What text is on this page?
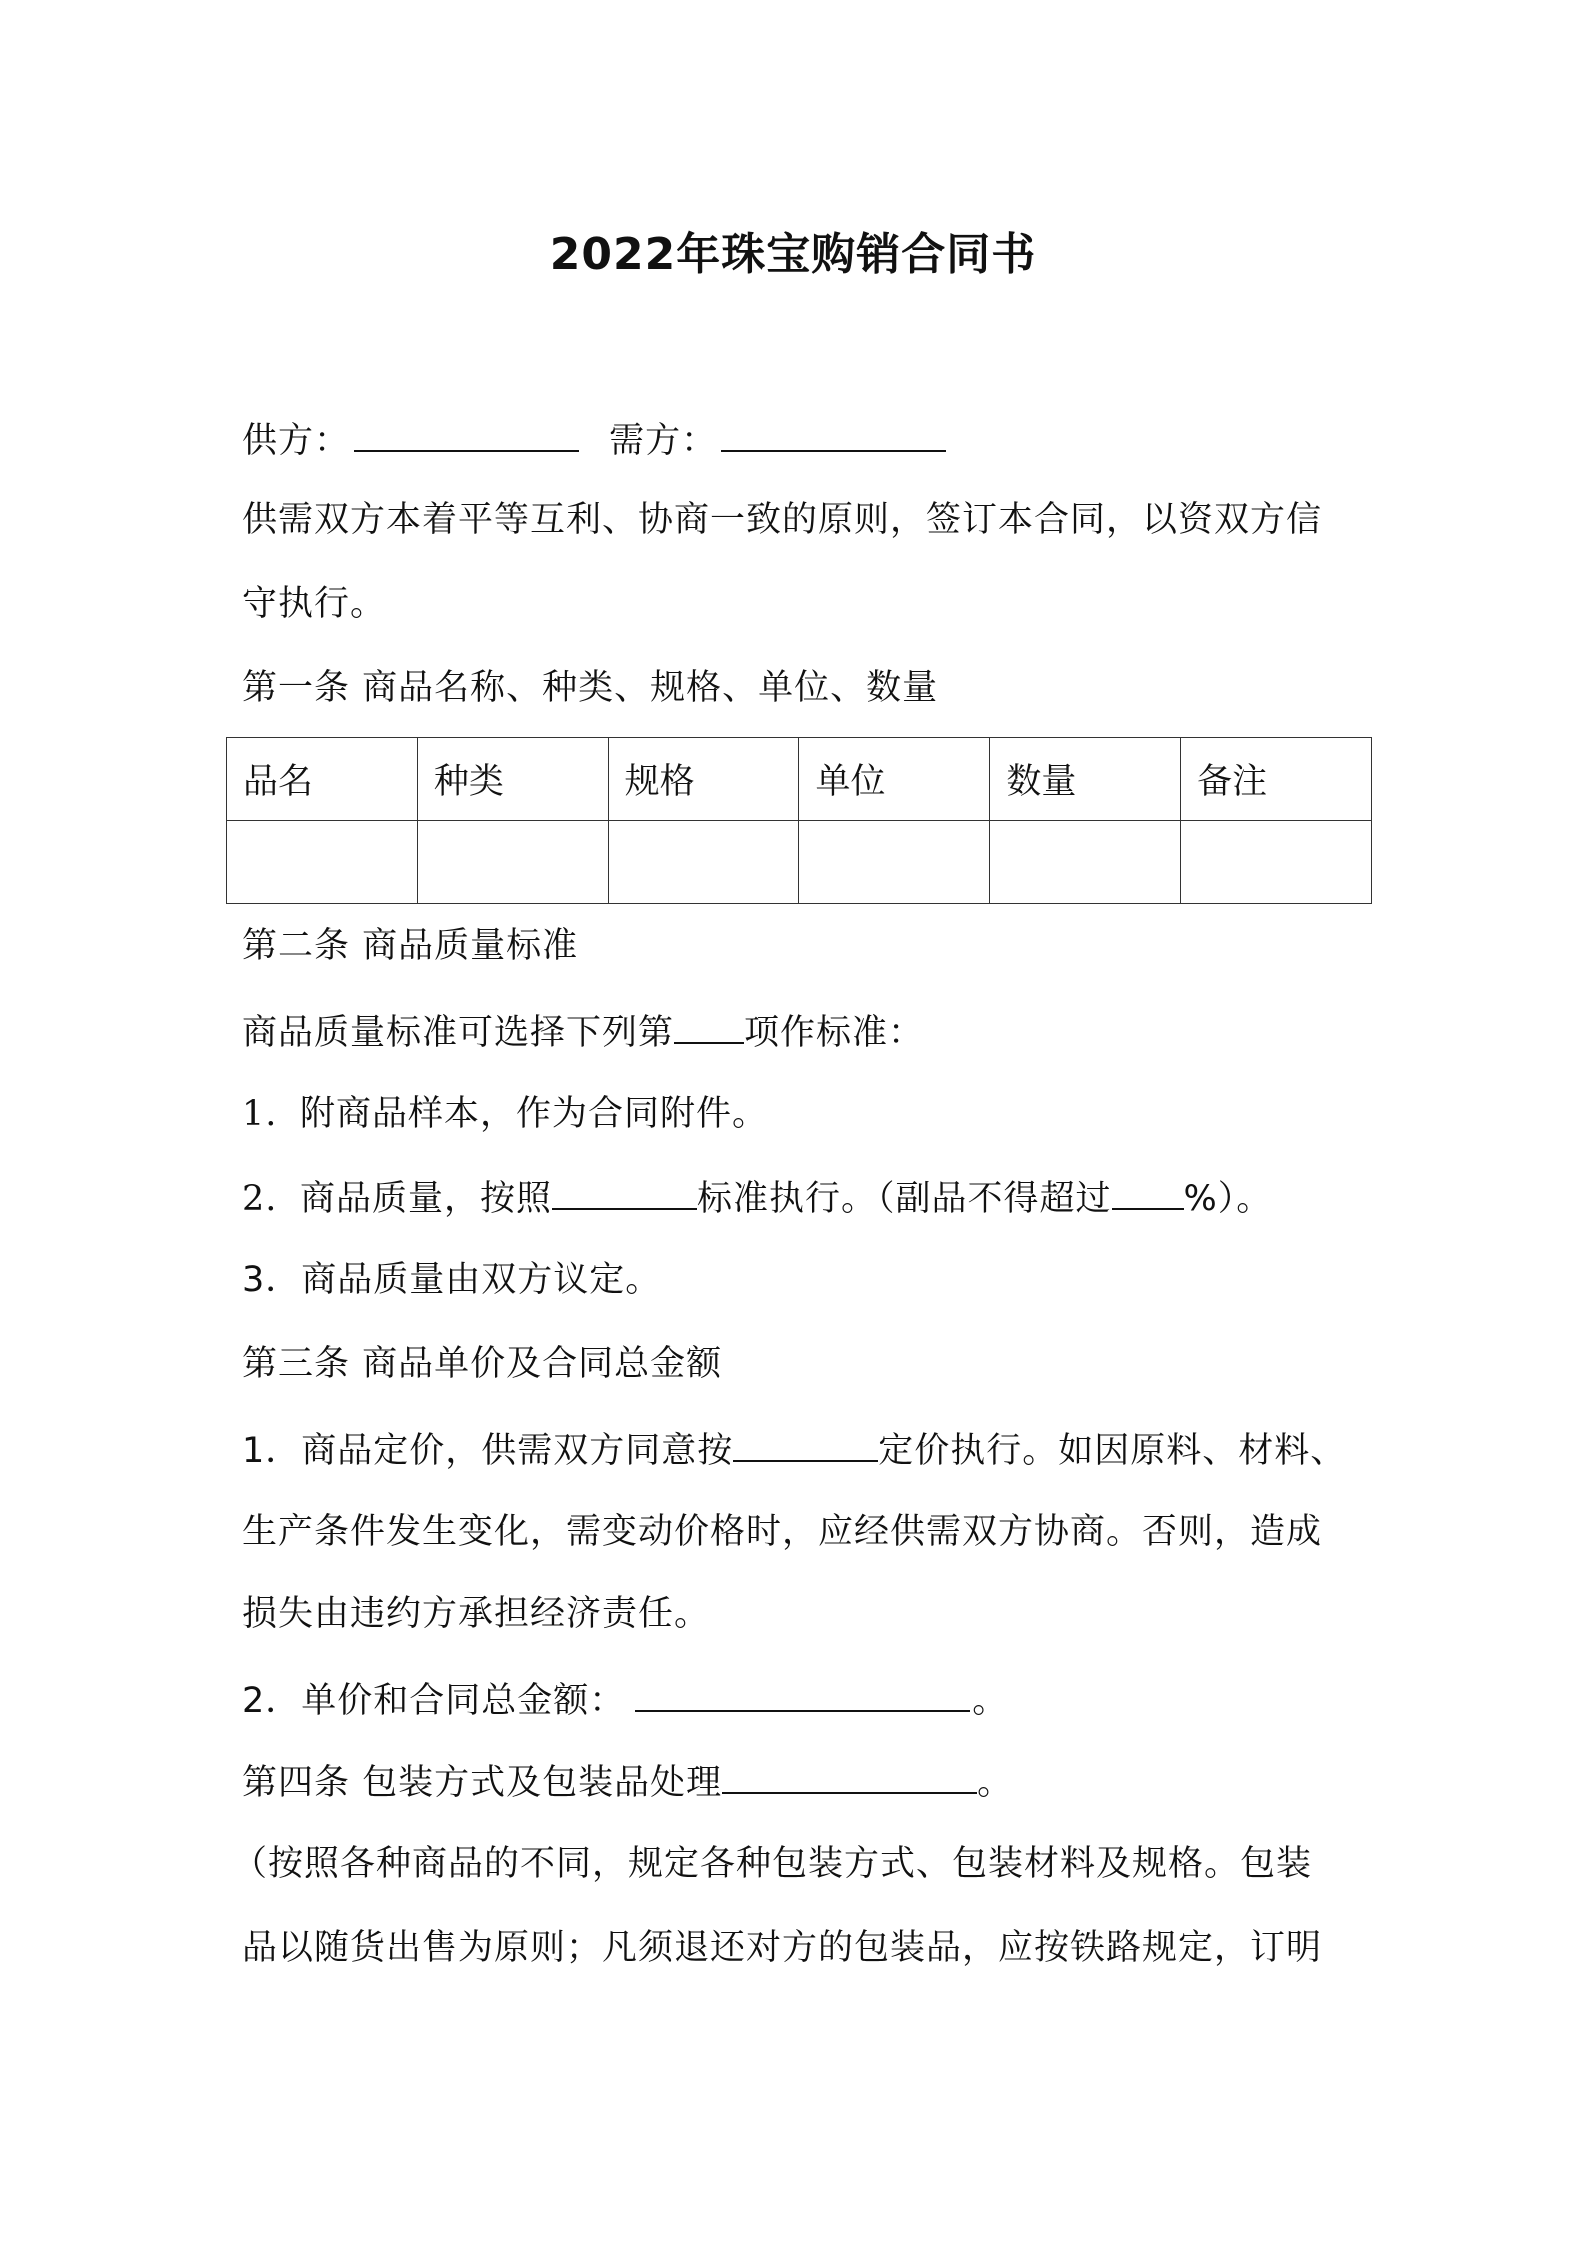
2022年珠宝购销合同书
供方：	需方：
供需双方本着平等互利、协商一致的原则，签订本合同，以资双方信
守执行。
第一条 商品名称、种类、规格、单位、数量
品名	种类	规格	单位	数量	备注

第二条 商品质量标准
商品质量标准可选择下列第 项作标准：
1. 附商品样本，作为合同附件。
2. 商品质量，按照	标准执行。（副品不得超过 %）。
3．商品质量由双方议定。
第三条 商品单价及合同总金额
1．商品定价，供需双方同意按	定价执行。如因原料、材料、
生产条件发生变化，需变动价格时，应经供需双方协商。否则，造成
损失由违约方承担经济责任。
2．单价和合同总金额：	。
第四条 包装方式及包装品处理	。
（按照各种商品的不同，规定各种包装方式、包装材料及规格。包装
品以随货出售为原则；凡须退还对方的包装品，应按铁路规定，订明
